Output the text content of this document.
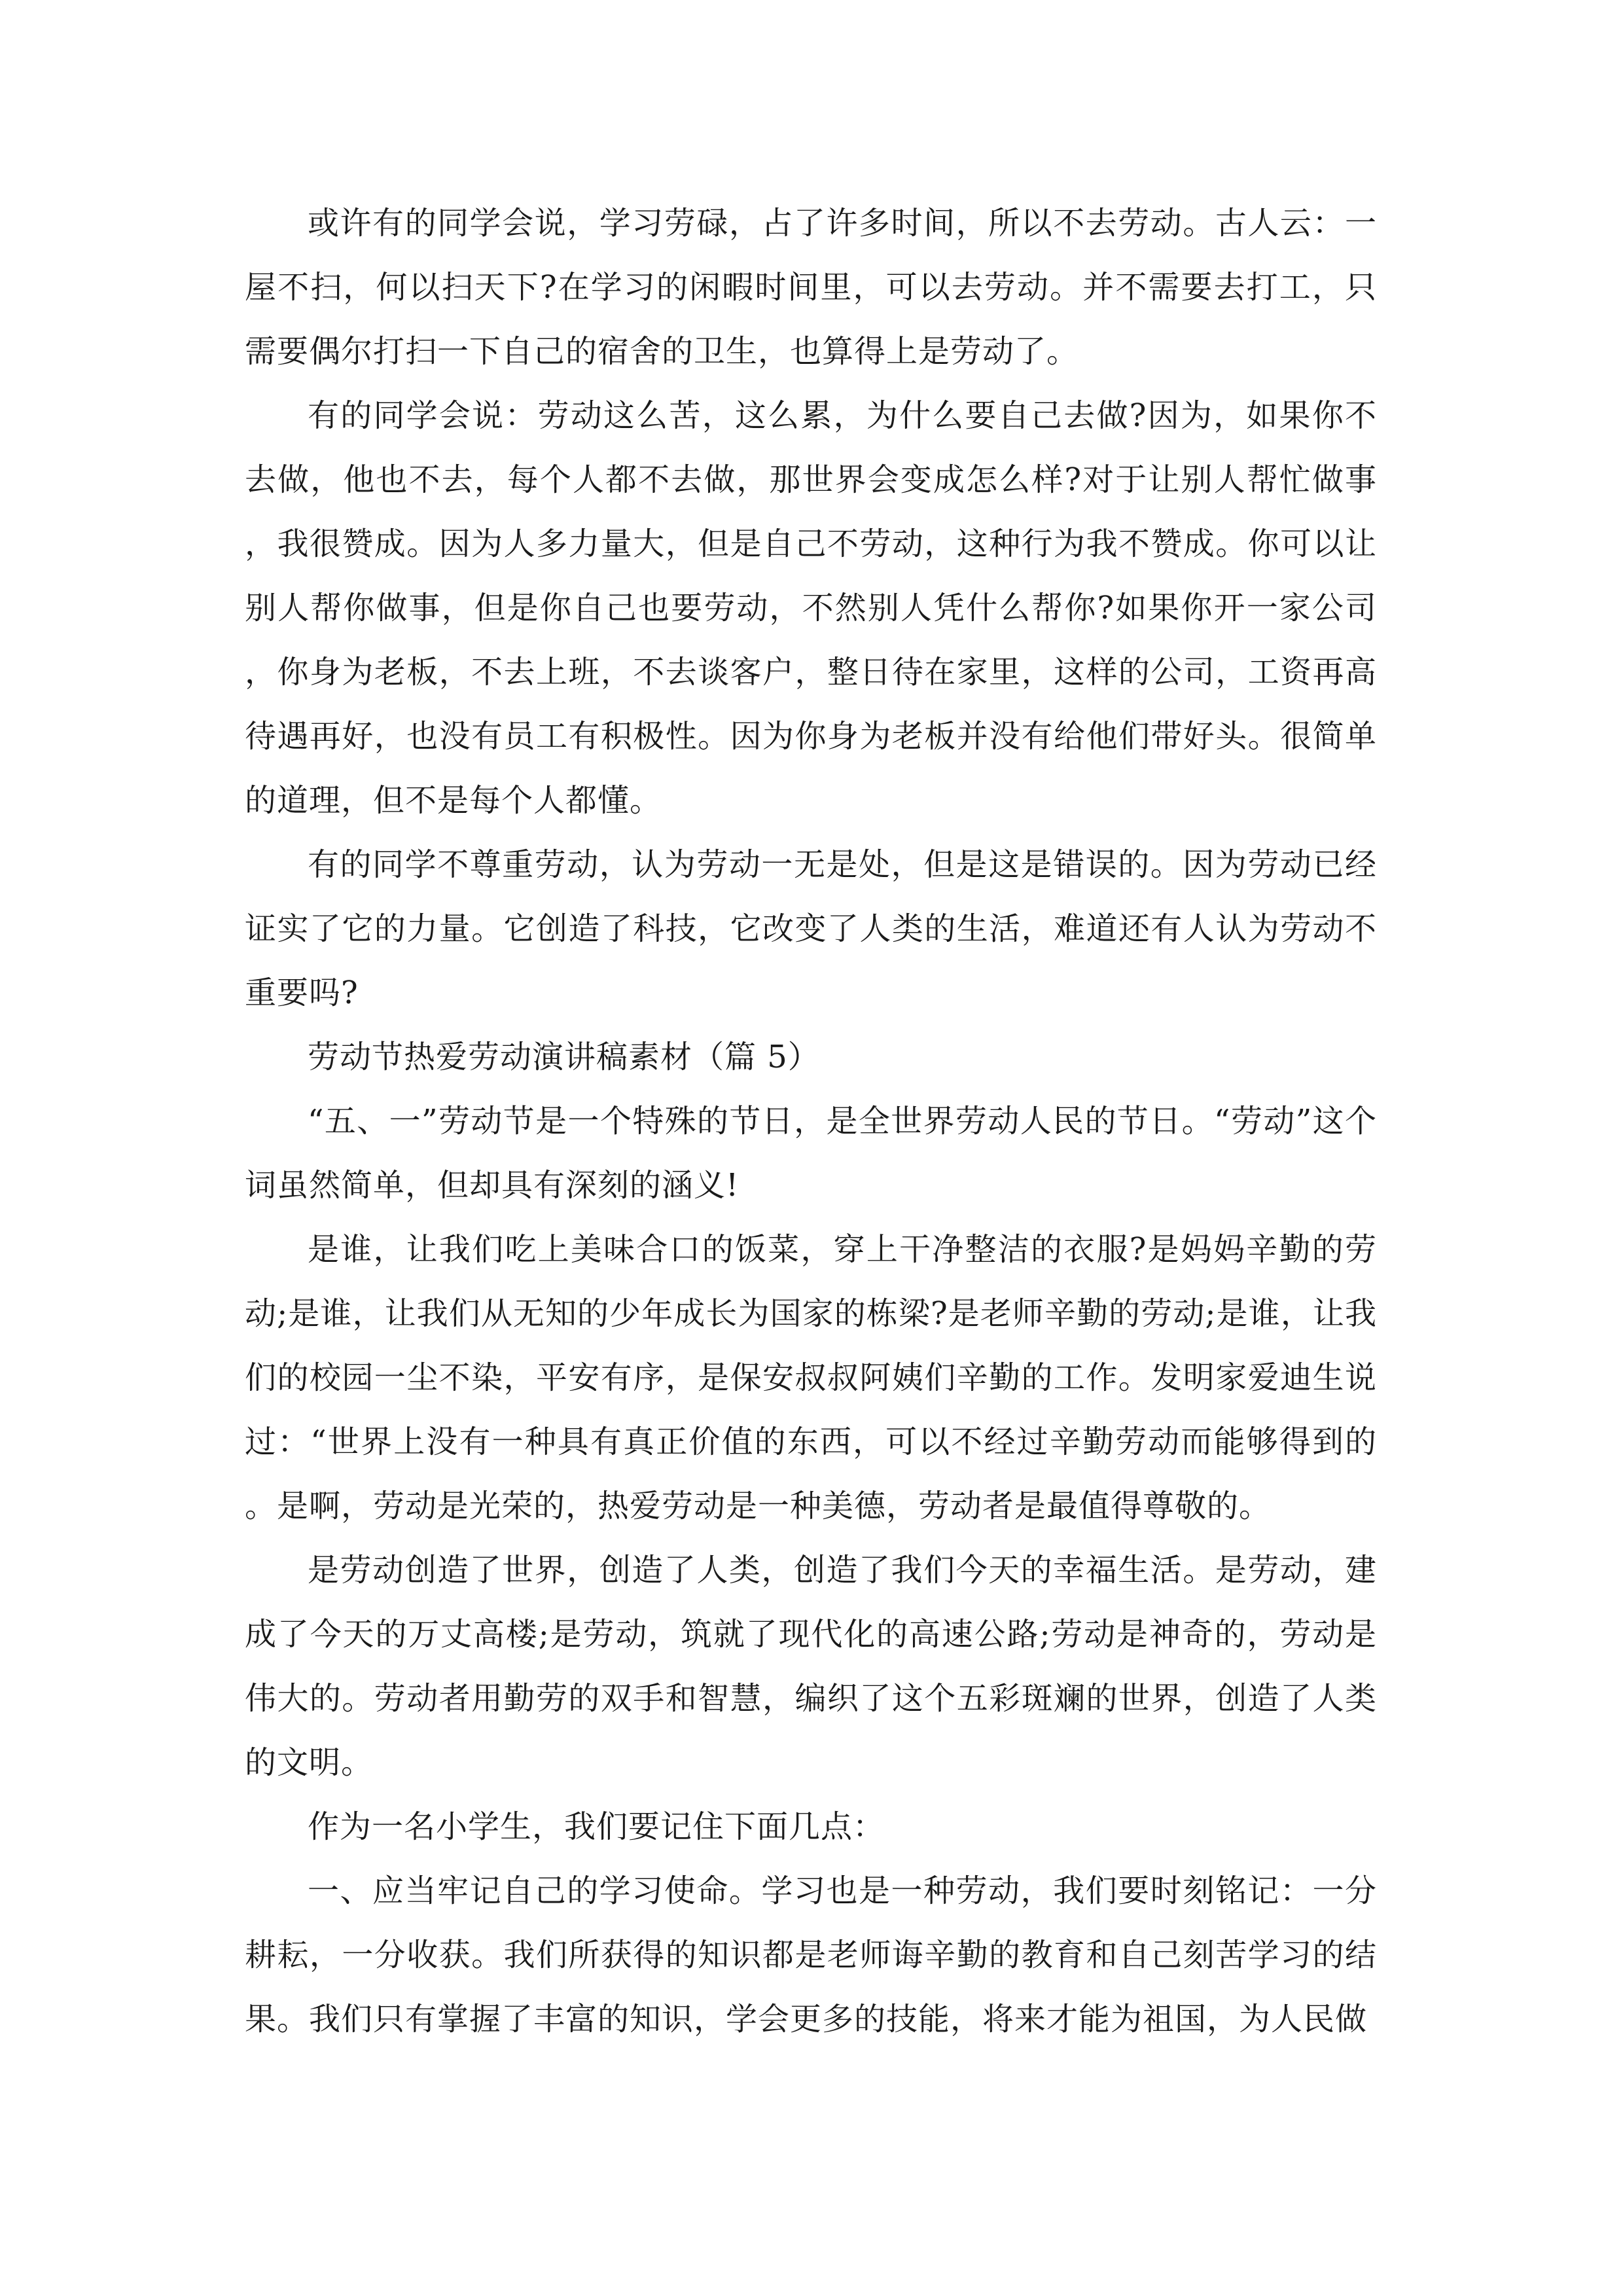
或许有的同学会说，学习劳碌，占了许多时间，所以不去劳动。古人云：一屋不扫，何以扫天下?在学习的闲暇时间里，可以去劳动。并不需要去打工，只需要偶尔打扫一下自己的宿舍的卫生，也算得上是劳动了。

有的同学会说：劳动这么苦，这么累，为什么要自己去做?因为，如果你不去做，他也不去，每个人都不去做，那世界会变成怎么样?对于让别人帮忙做事，我很赞成。因为人多力量大，但是自己不劳动，这种行为我不赞成。你可以让别人帮你做事，但是你自己也要劳动，不然别人凭什么帮你?如果你开一家公司，你身为老板，不去上班，不去谈客户，整日待在家里，这样的公司，工资再高待遇再好，也没有员工有积极性。因为你身为老板并没有给他们带好头。很简单的道理，但不是每个人都懂。

有的同学不尊重劳动，认为劳动一无是处，但是这是错误的。因为劳动已经证实了它的力量。它创造了科技，它改变了人类的生活，难道还有人认为劳动不重要吗?

劳动节热爱劳动演讲稿素材（篇 5）

“五、一”劳动节是一个特殊的节日，是全世界劳动人民的节日。“劳动”这个词虽然简单，但却具有深刻的涵义!

是谁，让我们吃上美味合口的饭菜，穿上干净整洁的衣服?是妈妈辛勤的劳动;是谁，让我们从无知的少年成长为国家的栋梁?是老师辛勤的劳动;是谁，让我们的校园一尘不染，平安有序，是保安叔叔阿姨们辛勤的工作。发明家爱迪生说过：“世界上没有一种具有真正价值的东西，可以不经过辛勤劳动而能够得到的。是啊，劳动是光荣的，热爱劳动是一种美德，劳动者是最值得尊敬的。

是劳动创造了世界，创造了人类，创造了我们今天的幸福生活。是劳动，建成了今天的万丈高楼;是劳动，筑就了现代化的高速公路;劳动是神奇的，劳动是伟大的。劳动者用勤劳的双手和智慧，编织了这个五彩斑斓的世界，创造了人类的文明。

作为一名小学生，我们要记住下面几点：

一、应当牢记自己的学习使命。学习也是一种劳动，我们要时刻铭记：一分耕耘，一分收获。我们所获得的知识都是老师诲辛勤的教育和自己刻苦学习的结果。我们只有掌握了丰富的知识，学会更多的技能，将来才能为祖国，为人民做
